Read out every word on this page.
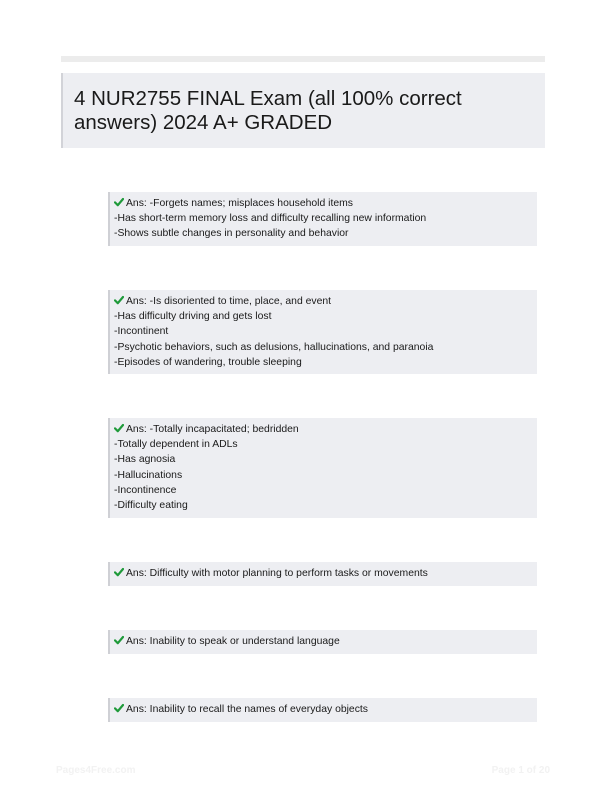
4 NUR2755 FINAL Exam (all 100% correct answers) 2024 A+ GRADED
Ans: -Forgets names; misplaces household items
-Has short-term memory loss and difficulty recalling new information
-Shows subtle changes in personality and behavior
Ans: -Is disoriented to time, place, and event
-Has difficulty driving and gets lost
-Incontinent
-Psychotic behaviors, such as delusions, hallucinations, and paranoia
-Episodes of wandering, trouble sleeping
Ans: -Totally incapacitated; bedridden
-Totally dependent in ADLs
-Has agnosia
-Hallucinations
-Incontinence
-Difficulty eating
Ans: Difficulty with motor planning to perform tasks or movements
Ans: Inability to speak or understand language
Ans: Inability to recall the names of everyday objects
Pages4Free.com	Page 1 of 20
